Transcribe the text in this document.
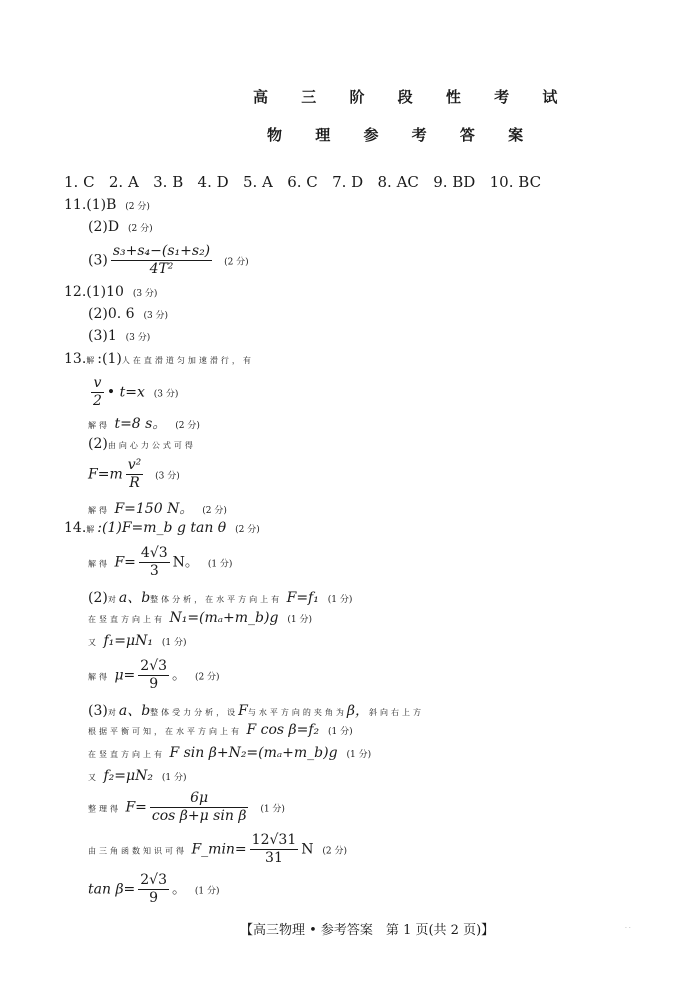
高 三 阶 段 性 考 试
物 理 参 考 答 案
1. C 2. A 3. B 4. D 5. A 6. C 7. D 8. AC 9. BD 10. BC
11.(1)B (2 分)
(2)D (2 分)
$(3) \frac{\text{s₃+s₄−(s₁+s₂)}}{\text{4T²}} (2$ 分)
12.(1)10 (3 分)
(2)0. 6 (3 分)
(3)1 (3 分)
13.解:(1)人在直滑道匀加速滑行，有
$\frac{v}{2}$ • t=x (3 分)
解得 t=8 s。 (2 分)
(2)由向心力公式可得
$F=m \frac{\text{v²}}{R} (3$ 分)
解得 F=150 N。 (2 分)
14.解:(1)F=m_b g tan θ (2 分)
解得 $F= \frac{4√3}{3}$ N。 (1 分)
(2)对a、b整体分析，在水平方向上有 F=f₁ (1 分)
在竖直方向上有 N₁=(mₐ+m_b)g (1 分)
又 f₁=μN₁ (1 分)
解得 $\mu= \frac{2√3}{9}$ 。 (2 分)
(3)对a、b整体受力分析，设F与水平方向的夹角为β，斜向右上方
根据平衡可知，在水平方向上有 F cos β=f₂ (1 分)
在竖直方向上有 F sin β+N₂=(mₐ+m_b)g (1 分)
又 f₂=μN₂ (1 分)
整理得 $F= \frac{6\mu}{\text{cos β+μ sin β}} (1$ 分)
由三角函数知识可得 F_min= $\frac{12√31}{31}$ N (2 分)
$\tan \beta= \frac{2√3}{9}$ 。 (1 分)
【高三物理 • 参考答案　第 1 页(共 2 页)】	· ·
